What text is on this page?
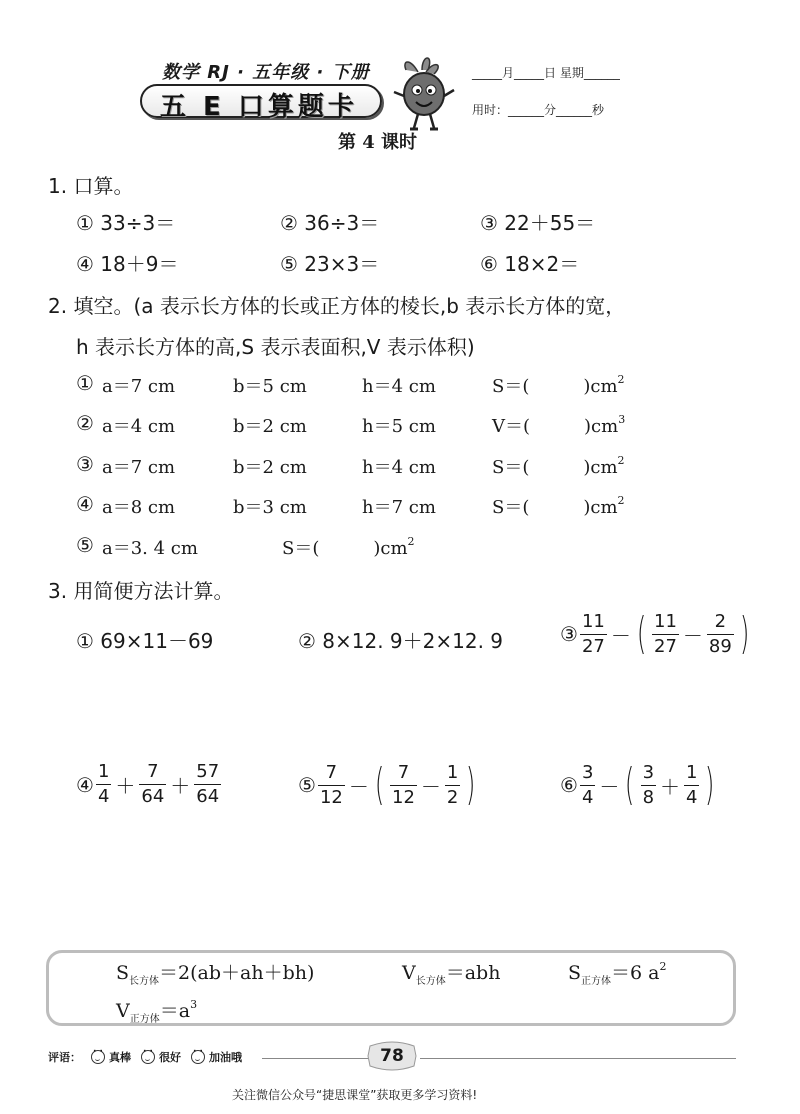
数学 RJ · 五年级 · 下册
五 E 口算题卡
_____月_____日 星期______
用时：______分______秒
第 4 课时
1. 口算。
① 33÷3＝	② 36÷3＝	③ 22＋55＝
④ 18＋9＝	⑤ 23×3＝	⑥ 18×2＝
2. 填空。(a 表示长方体的长或正方体的棱长,b 表示长方体的宽，
h 表示长方体的高,S 表示表面积,V 表示体积)
① a＝7 cm	b＝5 cm	h＝4 cm	S＝(　　　)$cm^2$
② a＝4 cm	b＝2 cm	h＝5 cm	V＝(　　　)$cm^3$
③ a＝7 cm	b＝2 cm	h＝4 cm	S＝(　　　)$cm^2$
④ a＝8 cm	b＝3 cm	h＝7 cm	S＝(　　　)$cm^2$
⑤ a＝3. 4 cm	S＝(　　　)$cm^2$
3. 用简便方法计算。
① 69×11－69	② 8×12. 9＋2×12. 9	③ $\frac{11}{27}$ － ( $\frac{11}{27} - \frac{2}{89}$ )
④ $\frac{1}{4} + \frac{7}{64} + \frac{57}{64}$	⑤ $\frac{7}{12}$ － ( $\frac{7}{12} - \frac{1}{2}$ )	⑥ $\frac{3}{4}$ － ( $\frac{3}{8} + \frac{1}{4}$ )
$S_{长方体}=2(ab+ah+bh)$	$V_{长方体}=abh$	$S_{正方体}=6$ $a^2$
$V_{正方体}=a^3$
评语： · ·	真棒 · ·	很好 · ·	加油哦	78
关注微信公众号“捷思课堂”获取更多学习资料!
